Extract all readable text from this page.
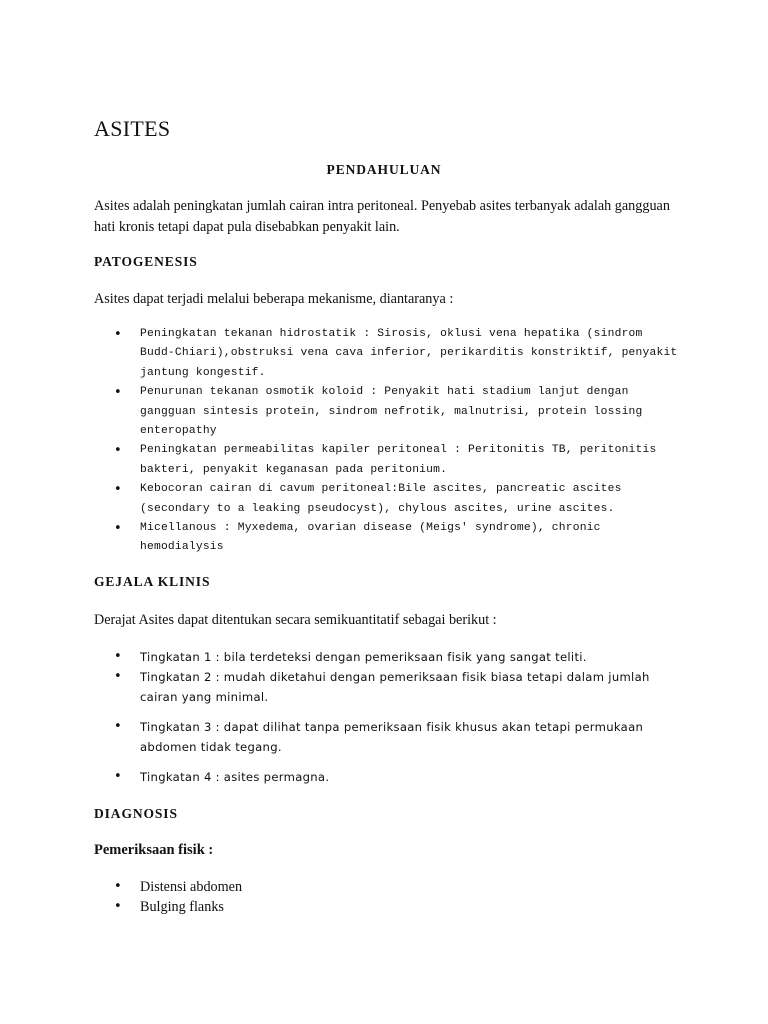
ASITES
PENDAHULUAN

Asites adalah peningkatan jumlah cairan intra peritoneal. Penyebab asites terbanyak adalah gangguan hati kronis tetapi dapat pula disebabkan penyakit lain.

PATOGENESIS

Asites dapat terjadi melalui beberapa mekanisme, diantaranya :

• Peningkatan tekanan hidrostatik : Sirosis, oklusi vena hepatika (sindrom Budd-Chiari),obstruksi vena cava inferior, perikarditis konstriktif, penyakit jantung kongestif.
• Penurunan tekanan osmotik koloid : Penyakit hati stadium lanjut dengan gangguan sintesis protein, sindrom nefrotik, malnutrisi, protein lossing enteropathy
• Peningkatan permeabilitas kapiler peritoneal : Peritonitis TB, peritonitis bakteri, penyakit keganasan pada peritonium.
• Kebocoran cairan di cavum peritoneal:Bile ascites, pancreatic ascites (secondary to a leaking pseudocyst), chylous ascites, urine ascites.
• Micellanous : Myxedema, ovarian disease (Meigs' syndrome), chronic hemodialysis
GEJALA KLINIS

Derajat Asites dapat ditentukan secara semikuantitatif sebagai berikut :

• Tingkatan 1 : bila terdeteksi dengan pemeriksaan fisik yang sangat teliti.
• Tingkatan 2 : mudah diketahui dengan pemeriksaan fisik biasa tetapi dalam jumlah cairan yang minimal.
• Tingkatan 3 : dapat dilihat tanpa pemeriksaan fisik khusus akan tetapi permukaan abdomen tidak tegang.
• Tingkatan 4 : asites permagna.
DIAGNOSIS

Pemeriksaan fisik :

• Distensi abdomen
• Bulging flanks
